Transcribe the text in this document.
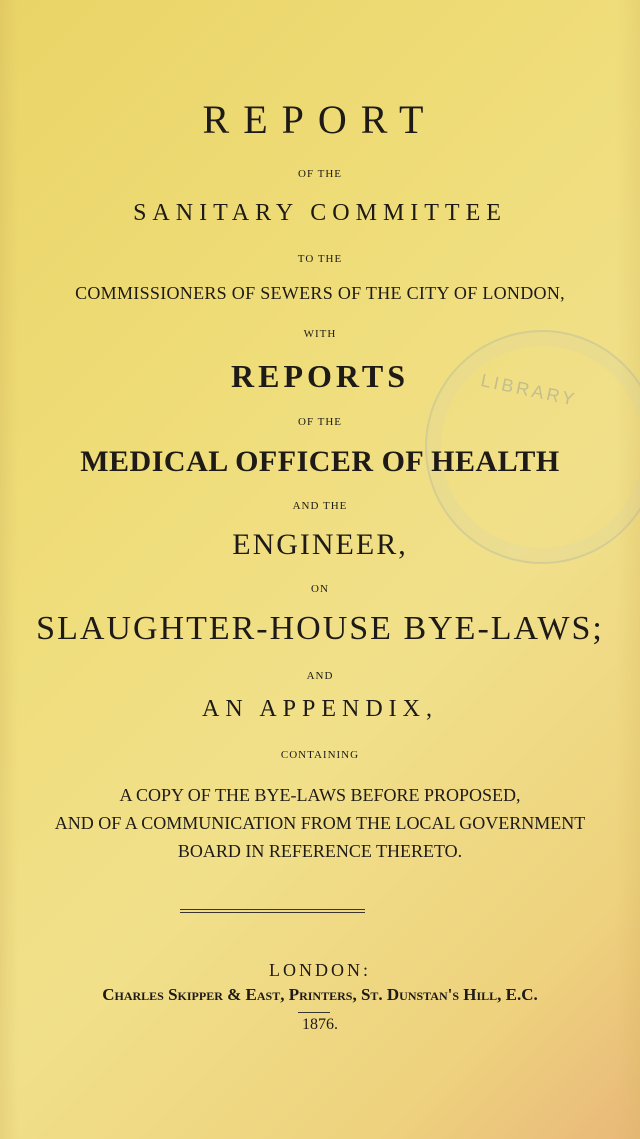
LIBRARY
REPORT
OF THE
SANITARY COMMITTEE
TO THE
COMMISSIONERS OF SEWERS OF THE CITY OF LONDON,
WITH
REPORTS
OF THE
MEDICAL OFFICER OF HEALTH
AND THE
ENGINEER,
ON
SLAUGHTER-HOUSE BYE-LAWS;
AND
AN APPENDIX,
CONTAINING
A COPY OF THE BYE-LAWS BEFORE PROPOSED,
AND OF A COMMUNICATION FROM THE LOCAL GOVERNMENT
BOARD IN REFERENCE THERETO.
LONDON:
Charles Skipper & East, Printers, St. Dunstan's Hill, E.C.
1876.
